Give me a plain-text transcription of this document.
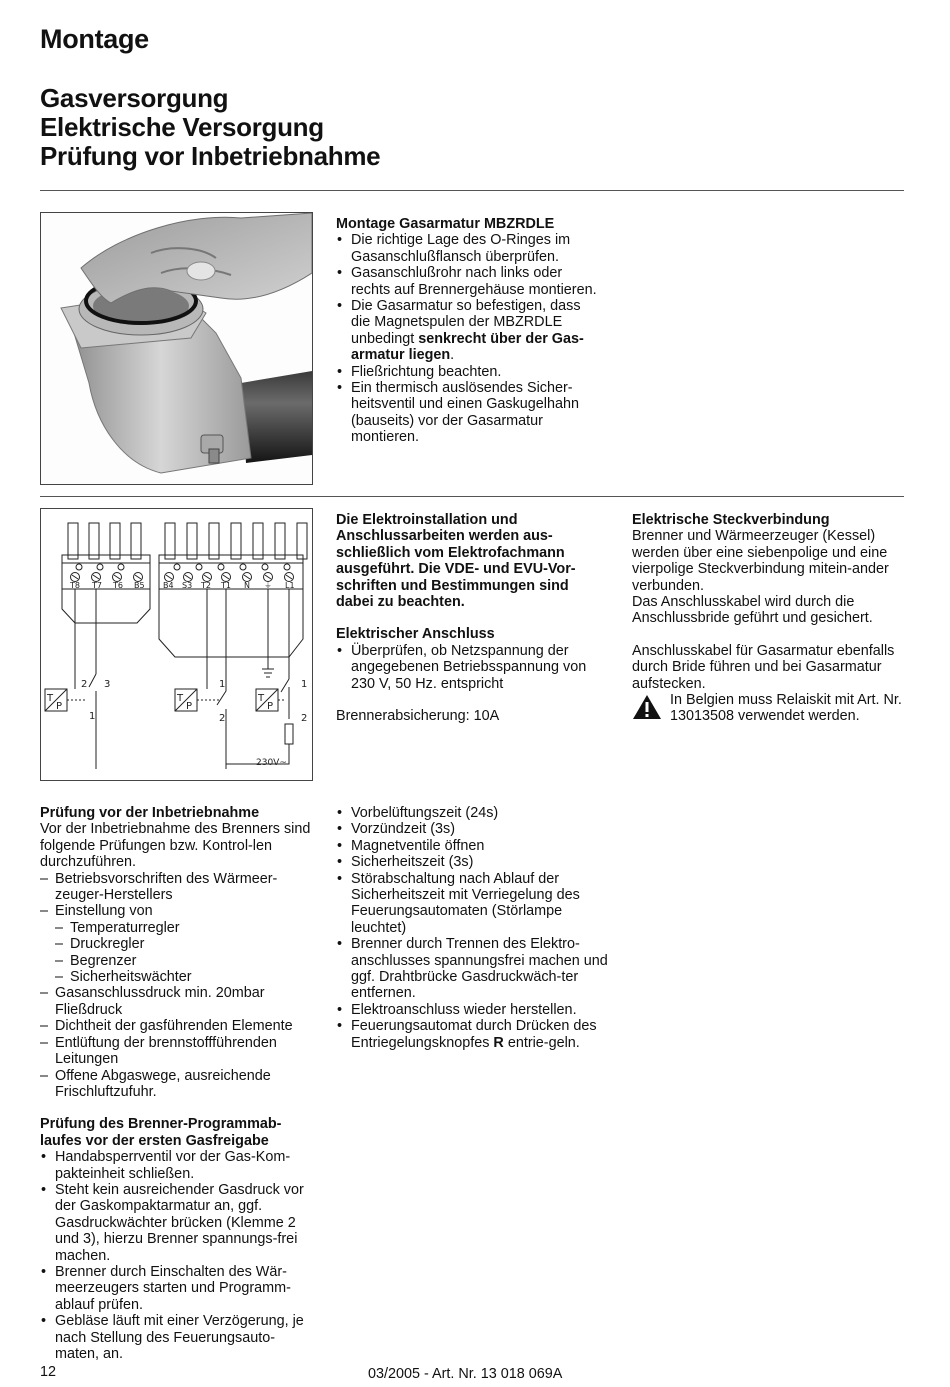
Montage
Gasversorgung
Elektrische Versorgung
Prüfung vor Inbetriebnahme

Montage Gasarmatur MBZRDLE

• Die richtige Lage des O-Ringes im Gasanschlußflansch überprüfen.
• Gasanschlußrohr nach links oder rechts auf Brennergehäuse montieren.
• Die Gasarmatur so befestigen, dass die Magnetspulen der MBZRDLE unbedingt senkrecht über der Gas-armatur liegen.
• Fließrichtung beachten.
• Ein thermisch auslösendes Sicher-heitsventil und einen Gaskugelhahn (bauseits) vor der Gasarmatur montieren.
T8 T7 T6 B5 B4 S3 T2 T1 N ⏚ L1
T
P
T
P
T
P
2 3
1
1
2
1
2
230V~

Die Elektroinstallation und Anschlussarbeiten werden aus-schließlich vom Elektrofachmann ausgeführt. Die VDE- und EVU-Vor-schriften und Bestimmungen sind dabei zu beachten.

Elektrischer Anschluss

• Überprüfen, ob Netzspannung der angegebenen Betriebsspannung von 230 V, 50 Hz. entspricht

Brennerabsicherung: 10A

Elektrische Steckverbindung

Brenner und Wärmeerzeuger (Kessel) werden über eine siebenpolige und eine vierpolige Steckverbindung mitein-ander verbunden.

Das Anschlusskabel wird durch die Anschlussbride geführt und gesichert.

Anschlusskabel für Gasarmatur ebenfalls durch Bride führen und bei Gasarmatur aufstecken.

In Belgien muss Relaiskit mit Art. Nr. 13013508 verwendet werden.

Prüfung vor der Inbetriebnahme

Vor der Inbetriebnahme des Brenners sind folgende Prüfungen bzw. Kontrol-len durchzuführen.

– Betriebsvorschriften des Wärmeer-zeuger-Herstellers
– Einstellung von
– Temperaturregler
– Druckregler
– Begrenzer
– Sicherheitswächter
– Gasanschlussdruck min. 20mbar Fließdruck
– Dichtheit der gasführenden Elemente
– Entlüftung der brennstoffführenden Leitungen
– Offene Abgaswege, ausreichende Frischluftzufuhr.

Prüfung des Brenner-Programmab-laufes vor der ersten Gasfreigabe

• Handabsperrventil vor der Gas-Kom-pakteinheit schließen.
• Steht kein ausreichender Gasdruck vor der Gaskompaktarmatur an, ggf. Gasdruckwächter brücken (Klemme 2 und 3), hierzu Brenner spannungs-frei machen.
• Brenner durch Einschalten des Wär-meerzeugers starten und Programm-ablauf prüfen.
• Gebläse läuft mit einer Verzögerung, je nach Stellung des Feuerungsauto-maten, an.
• Vorbelüftungszeit (24s)
• Vorzündzeit (3s)
• Magnetventile öffnen
• Sicherheitszeit (3s)
• Störabschaltung nach Ablauf der Sicherheitszeit mit Verriegelung des Feuerungsautomaten (Störlampe leuchtet)
• Brenner durch Trennen des Elektro-anschlusses spannungsfrei machen und ggf. Drahtbrücke Gasdruckwäch-ter entfernen.
• Elektroanschluss wieder herstellen.
• Feuerungsautomat durch Drücken des Entriegelungsknopfes R entrie-geln.
12	03/2005 - Art. Nr. 13 018 069A
